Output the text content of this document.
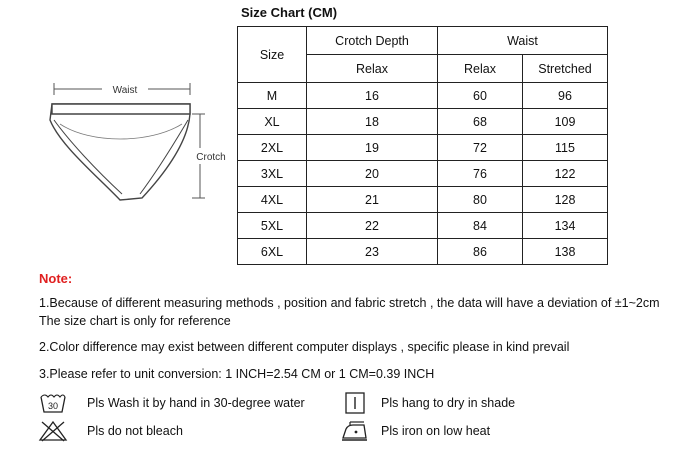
Size Chart (CM)
Waist
Crotch
Size	Crotch Depth	Waist	
	Relax	Relax	Stretched
M	16	60	96
XL	18	68	109
2XL	19	72	115
3XL	20	76	122
4XL	21	80	128
5XL	22	84	134
6XL	23	86	138
Note:
1.Because of different measuring methods , position and fabric stretch , the data will have a deviation of ±1~2cm
The size chart is only for reference
2.Color difference may exist between different computer displays , specific please in kind prevail
3.Please refer to unit conversion: 1 INCH=2.54 CM or 1 CM=0.39 INCH
30 Pls Wash it by hand in 30-degree water	Pls hang to dry in shade
Pls do not bleach	Pls iron on low heat
